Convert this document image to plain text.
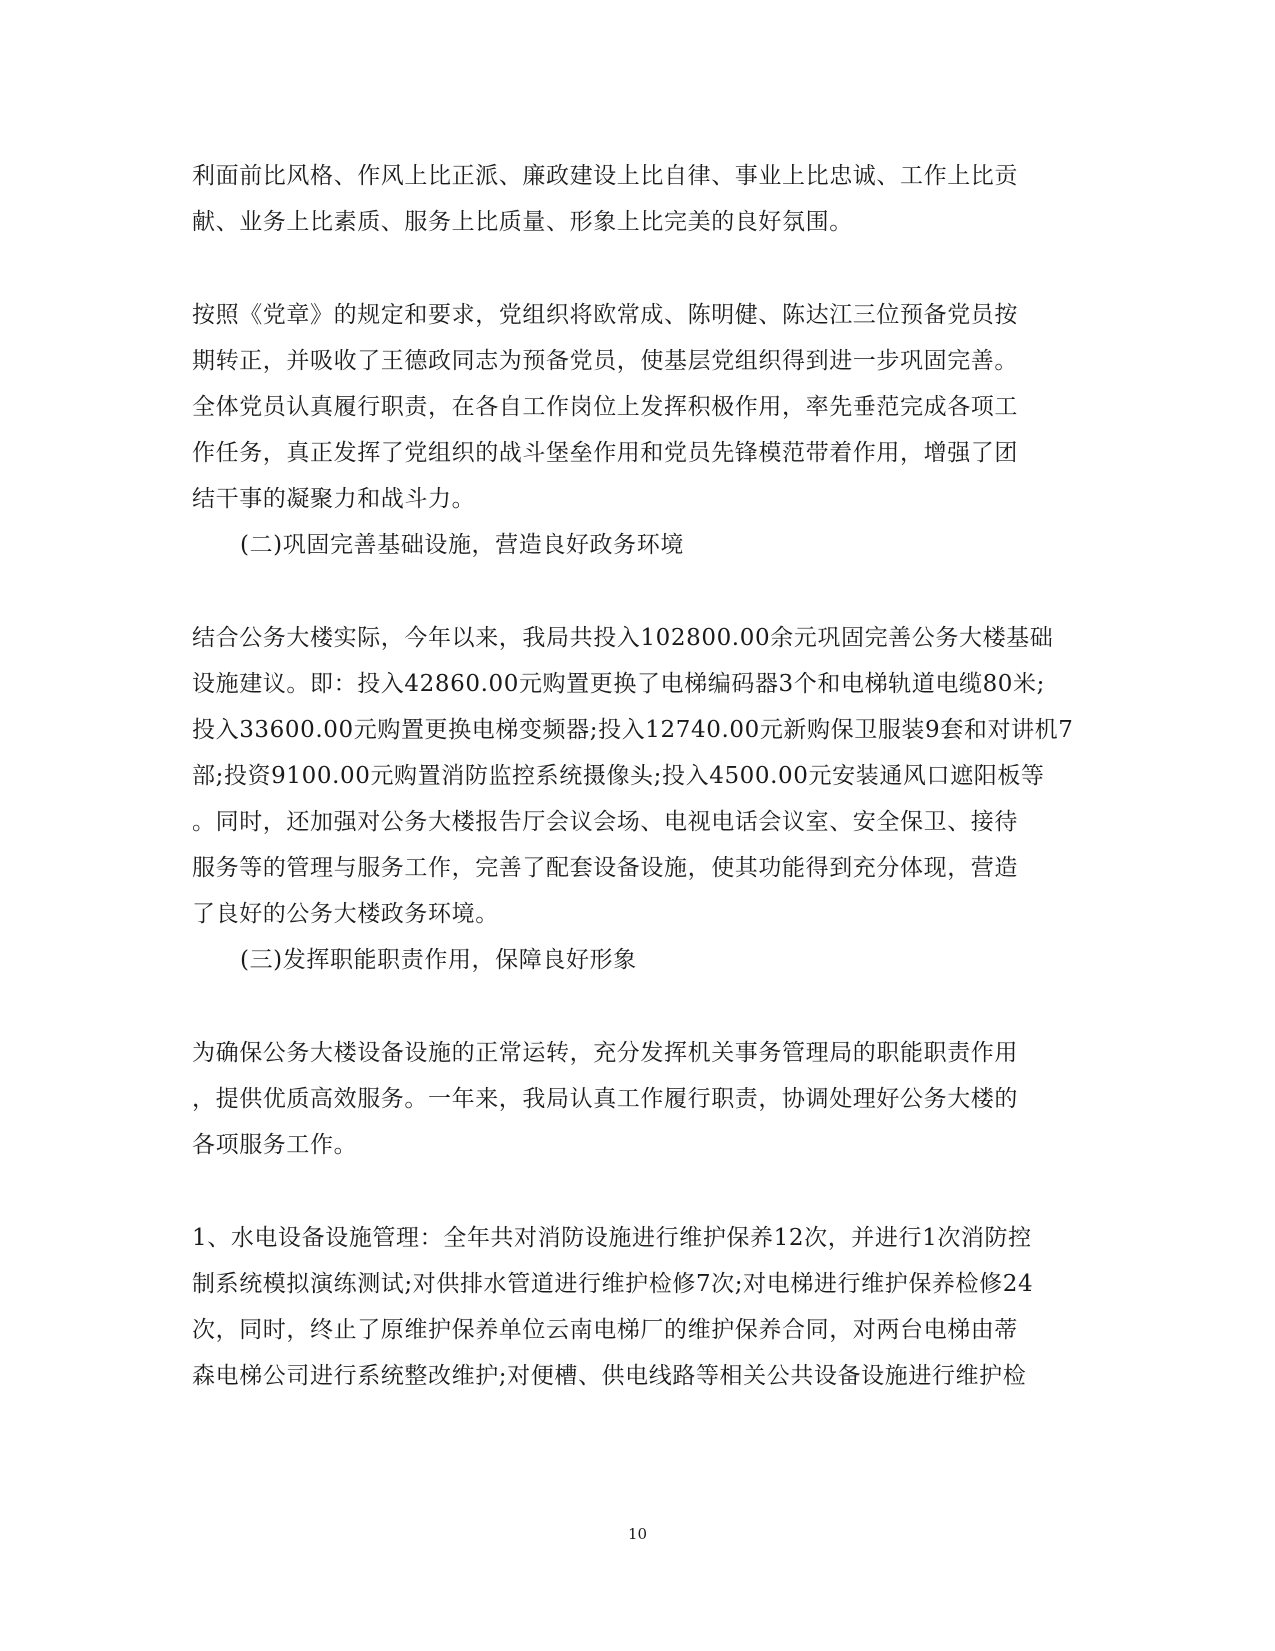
利面前比风格、作风上比正派、廉政建设上比自律、事业上比忠诚、工作上比贡
献、业务上比素质、服务上比质量、形象上比完美的良好氛围。
按照《党章》的规定和要求，党组织将欧常成、陈明健、陈达江三位预备党员按
期转正，并吸收了王德政同志为预备党员，使基层党组织得到进一步巩固完善。
全体党员认真履行职责，在各自工作岗位上发挥积极作用，率先垂范完成各项工
作任务，真正发挥了党组织的战斗堡垒作用和党员先锋模范带着作用，增强了团
结干事的凝聚力和战斗力。
(二)巩固完善基础设施，营造良好政务环境
结合公务大楼实际，今年以来，我局共投入102800.00余元巩固完善公务大楼基础
设施建议。即：投入42860.00元购置更换了电梯编码器3个和电梯轨道电缆80米;
投入33600.00元购置更换电梯变频器;投入12740.00元新购保卫服装9套和对讲机7
部;投资9100.00元购置消防监控系统摄像头;投入4500.00元安装通风口遮阳板等
。同时，还加强对公务大楼报告厅会议会场、电视电话会议室、安全保卫、接待
服务等的管理与服务工作，完善了配套设备设施，使其功能得到充分体现，营造
了良好的公务大楼政务环境。
(三)发挥职能职责作用，保障良好形象
为确保公务大楼设备设施的正常运转，充分发挥机关事务管理局的职能职责作用
，提供优质高效服务。一年来，我局认真工作履行职责，协调处理好公务大楼的
各项服务工作。
1、水电设备设施管理：全年共对消防设施进行维护保养12次，并进行1次消防控
制系统模拟演练测试;对供排水管道进行维护检修7次;对电梯进行维护保养检修24
次，同时，终止了原维护保养单位云南电梯厂的维护保养合同，对两台电梯由蒂
森电梯公司进行系统整改维护;对便槽、供电线路等相关公共设备设施进行维护检
10
